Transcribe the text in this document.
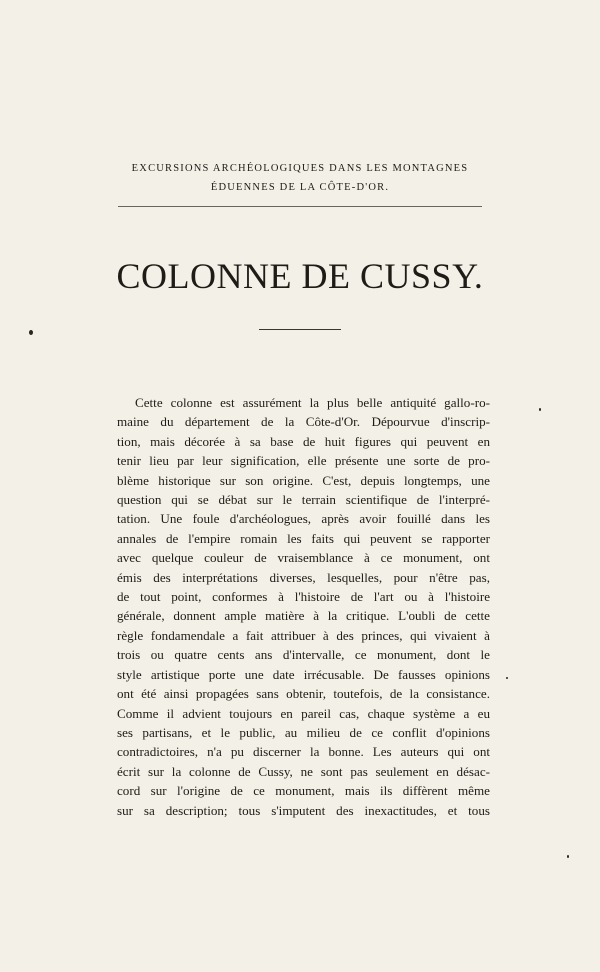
EXCURSIONS ARCHÉOLOGIQUES DANS LES MONTAGNES
ÉDUENNES DE LA CÔTE-D'OR.
COLONNE DE CUSSY.

Cette colonne est assurément la plus belle antiquité gallo-ro-
maine du département de la Côte-d'Or. Dépourvue d'inscrip-
tion, mais décorée à sa base de huit figures qui peuvent en
tenir lieu par leur signification, elle présente une sorte de pro-
blème historique sur son origine. C'est, depuis longtemps, une
question qui se débat sur le terrain scientifique de l'interpré-
tation. Une foule d'archéologues, après avoir fouillé dans les
annales de l'empire romain les faits qui peuvent se rapporter
avec quelque couleur de vraisemblance à ce monument, ont
émis des interprétations diverses, lesquelles, pour n'être pas,
de tout point, conformes à l'histoire de l'art ou à l'histoire
générale, donnent ample matière à la critique. L'oubli de cette
règle fondamendale a fait attribuer à des princes, qui vivaient à
trois ou quatre cents ans d'intervalle, ce monument, dont le
style artistique porte une date irrécusable. De fausses opinions
ont été ainsi propagées sans obtenir, toutefois, de la consistance.
Comme il advient toujours en pareil cas, chaque système a eu
ses partisans, et le public, au milieu de ce conflit d'opinions
contradictoires, n'a pu discerner la bonne. Les auteurs qui ont
écrit sur la colonne de Cussy, ne sont pas seulement en désac-
cord sur l'origine de ce monument, mais ils diffèrent même
sur sa description; tous s'imputent des inexactitudes, et tous
